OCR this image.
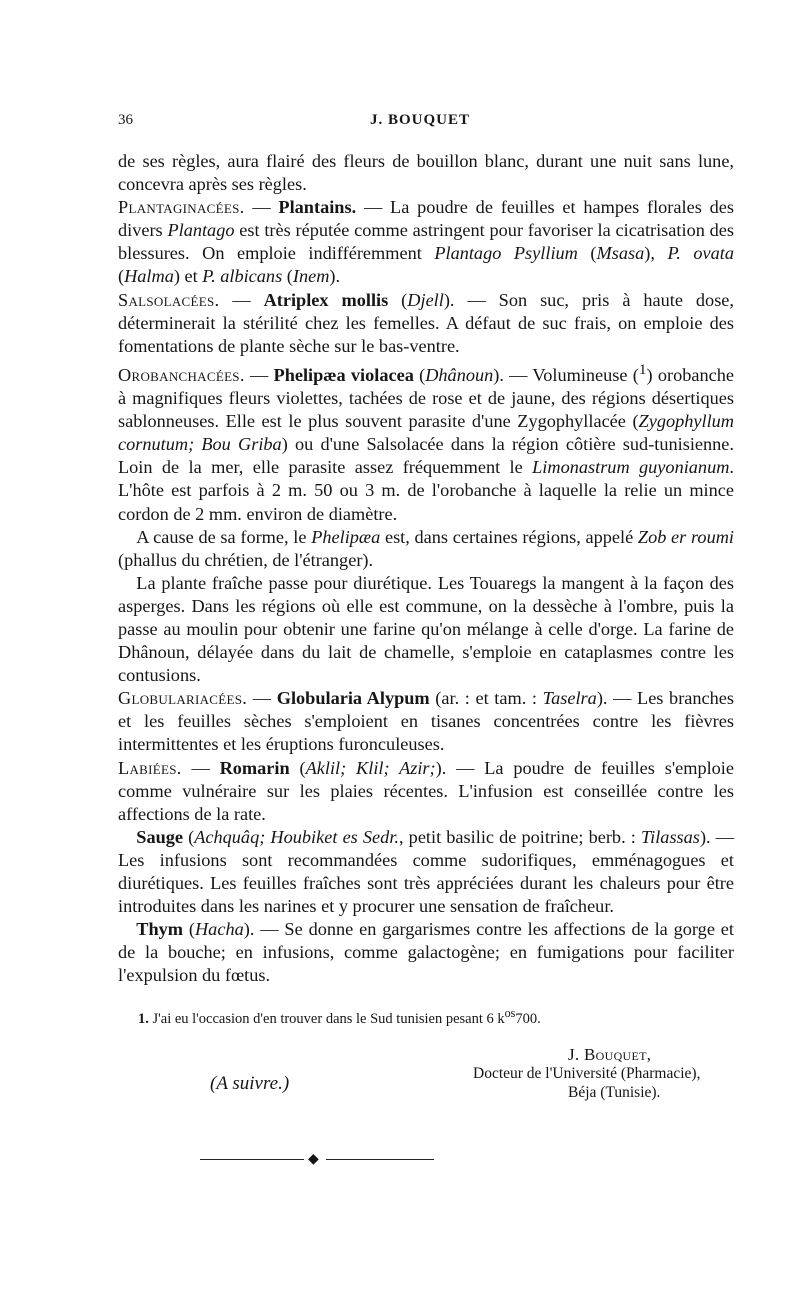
36	J. BOUQUET

de ses règles, aura flairé des fleurs de bouillon blanc, durant une nuit sans lune, concevra après ses règles.

Plantaginacées. — Plantains. — La poudre de feuilles et hampes florales des divers Plantago est très réputée comme astringent pour favoriser la cicatrisation des blessures. On emploie indifféremment Plantago Psyllium (Msasa), P. ovata (Halma) et P. albicans (Inem).

Salsolacées. — Atriplex mollis (Djell). — Son suc, pris à haute dose, déterminerait la stérilité chez les femelles. A défaut de suc frais, on emploie des fomentations de plante sèche sur le bas-ventre.

Orobanchacées. — Phelipæa violacea (Dhânoun). — Volumineuse ($^1$) orobanche à magnifiques fleurs violettes, tachées de rose et de jaune, des régions désertiques sablonneuses. Elle est le plus souvent parasite d'une Zygophyllacée (Zygophyllum cornutum; Bou Griba) ou d'une Salsolacée dans la région côtière sud-tunisienne. Loin de la mer, elle parasite assez fréquemment le Limonastrum guyonianum. L'hôte est parfois à 2 m. 50 ou 3 m. de l'orobanche à laquelle la relie un mince cordon de 2 mm. environ de diamètre.

 A cause de sa forme, le Phelipæa est, dans certaines régions, appelé Zob er roumi (phallus du chrétien, de l'étranger).

 La plante fraîche passe pour diurétique. Les Touaregs la mangent à la façon des asperges. Dans les régions où elle est commune, on la dessèche à l'ombre, puis la passe au moulin pour obtenir une farine qu'on mélange à celle d'orge. La farine de Dhânoun, délayée dans du lait de chamelle, s'emploie en cataplasmes contre les contusions.

Globulariacées. — Globularia Alypum (ar. : et tam. : Taselra). — Les branches et les feuilles sèches s'emploient en tisanes concentrées contre les fièvres intermittentes et les éruptions furonculeuses.

Labiées. — Romarin (Aklil; Klil; Azir;). — La poudre de feuilles s'emploie comme vulnéraire sur les plaies récentes. L'infusion est conseillée contre les affections de la rate.

 Sauge (Achquâq; Houbiket es Sedr., petit basilic de poitrine; berb. : Tilassas). — Les infusions sont recommandées comme sudorifiques, emménagogues et diurétiques. Les feuilles fraîches sont très appréciées durant les chaleurs pour être introduites dans les narines et y procurer une sensation de fraîcheur.

 Thym (Hacha). — Se donne en gargarismes contre les affections de la gorge et de la bouche; en infusions, comme galactogène; en fumigations pour faciliter l'expulsion du fœtus.

1. J'ai eu l'occasion d'en trouver dans le Sud tunisien pesant 6 $k^{os}700$.
(A suivre.)
J. Bouquet,
Docteur de l'Université (Pharmacie),
Béja (Tunisie).
◆
